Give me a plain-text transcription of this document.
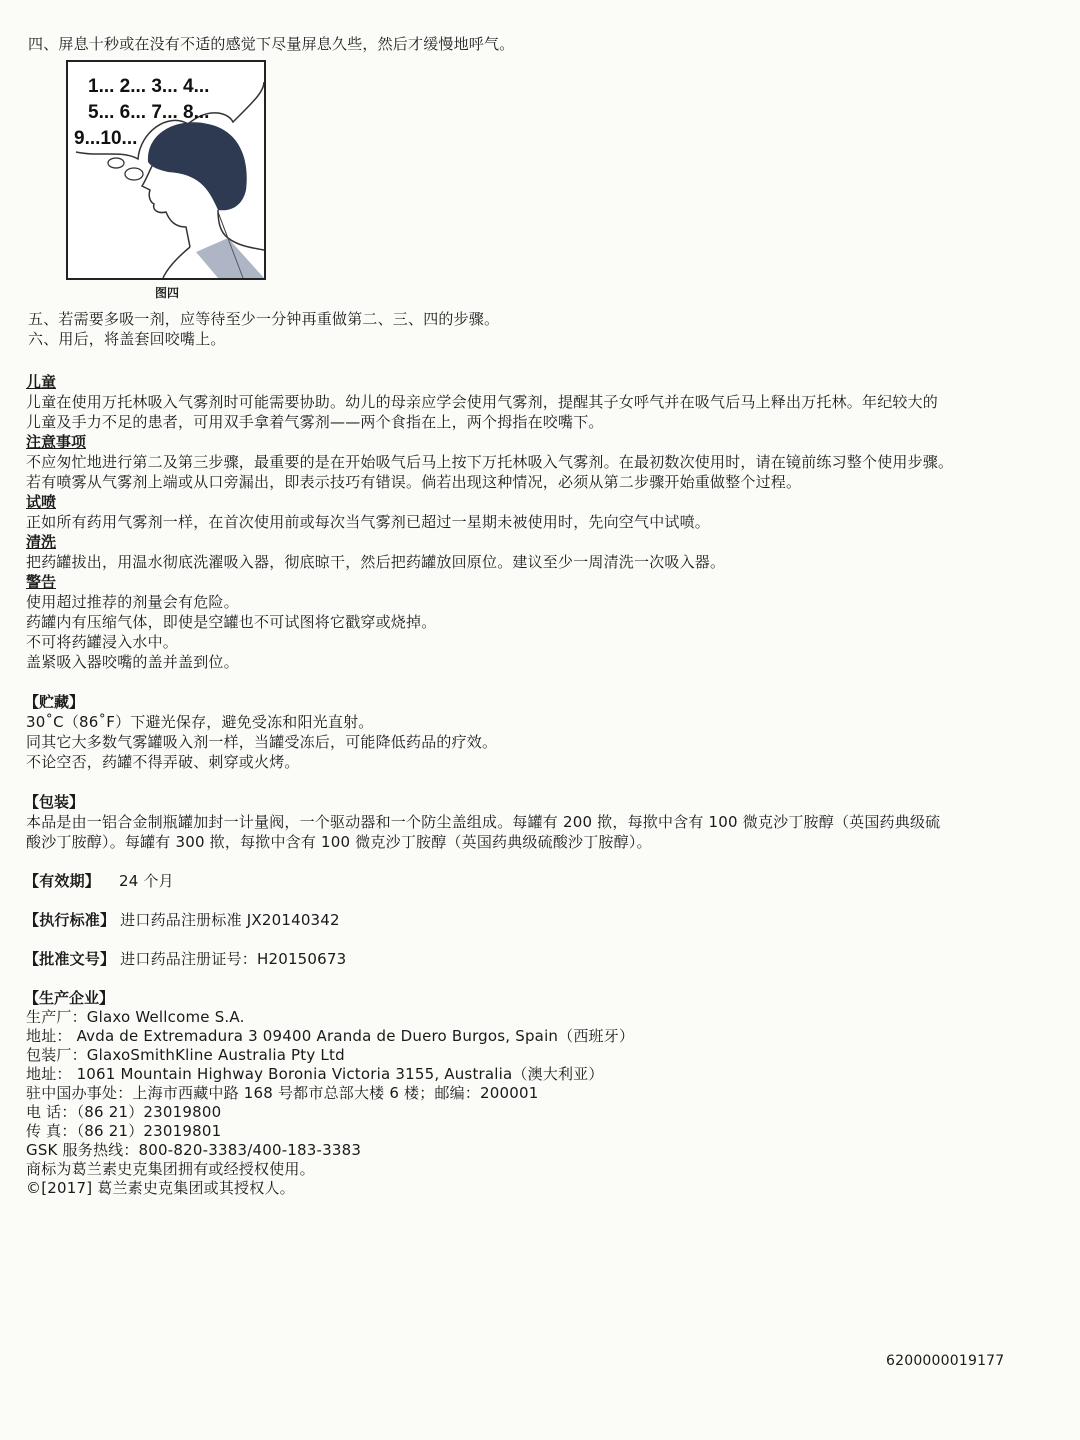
四、屏息十秒或在没有不适的感觉下尽量屏息久些，然后才缓慢地呼气。
1... 2... 3... 4...
5... 6... 7... 8...
9...10...
图四
五、若需要多吸一剂，应等待至少一分钟再重做第二、三、四的步骤。
六、用后，将盖套回咬嘴上。
儿童
儿童在使用万托林吸入气雾剂时可能需要协助。幼儿的母亲应学会使用气雾剂，提醒其子女呼气并在吸气后马上释出万托林。年纪较大的
儿童及手力不足的患者，可用双手拿着气雾剂——两个食指在上，两个拇指在咬嘴下。
注意事项
不应匆忙地进行第二及第三步骤，最重要的是在开始吸气后马上按下万托林吸入气雾剂。在最初数次使用时，请在镜前练习整个使用步骤。
若有喷雾从气雾剂上端或从口旁漏出，即表示技巧有错误。倘若出现这种情况，必须从第二步骤开始重做整个过程。
试喷
正如所有药用气雾剂一样，在首次使用前或每次当气雾剂已超过一星期未被使用时，先向空气中试喷。
清洗
把药罐拔出，用温水彻底洗濯吸入器，彻底晾干，然后把药罐放回原位。建议至少一周清洗一次吸入器。
警告
使用超过推荐的剂量会有危险。
药罐内有压缩气体，即使是空罐也不可试图将它戳穿或烧掉。
不可将药罐浸入水中。
盖紧吸入器咬嘴的盖并盖到位。
【贮藏】
30˚C（86˚F）下避光保存，避免受冻和阳光直射。
同其它大多数气雾罐吸入剂一样，当罐受冻后，可能降低药品的疗效。
不论空否，药罐不得弄破、刺穿或火烤。
【包装】
本品是由一铝合金制瓶罐加封一计量阀，一个驱动器和一个防尘盖组成。每罐有 200 揿，每揿中含有 100 微克沙丁胺醇（英国药典级硫
酸沙丁胺醇）。每罐有 300 揿，每揿中含有 100 微克沙丁胺醇（英国药典级硫酸沙丁胺醇）。
【有效期】 24 个月
【执行标准】 进口药品注册标准 JX20140342
【批准文号】 进口药品注册证号：H20150673
【生产企业】
生产厂：Glaxo Wellcome S.A.
地址： Avda de Extremadura 3 09400 Aranda de Duero Burgos, Spain（西班牙）
包装厂：GlaxoSmithKline Australia Pty Ltd
地址： 1061 Mountain Highway Boronia Victoria 3155, Australia（澳大利亚）
驻中国办事处：上海市西藏中路 168 号都市总部大楼 6 楼；邮编：200001
电 话：（86 21）23019800
传 真：（86 21）23019801
GSK 服务热线：800-820-3383/400-183-3383
商标为葛兰素史克集团拥有或经授权使用。
©[2017] 葛兰素史克集团或其授权人。
6200000019177
